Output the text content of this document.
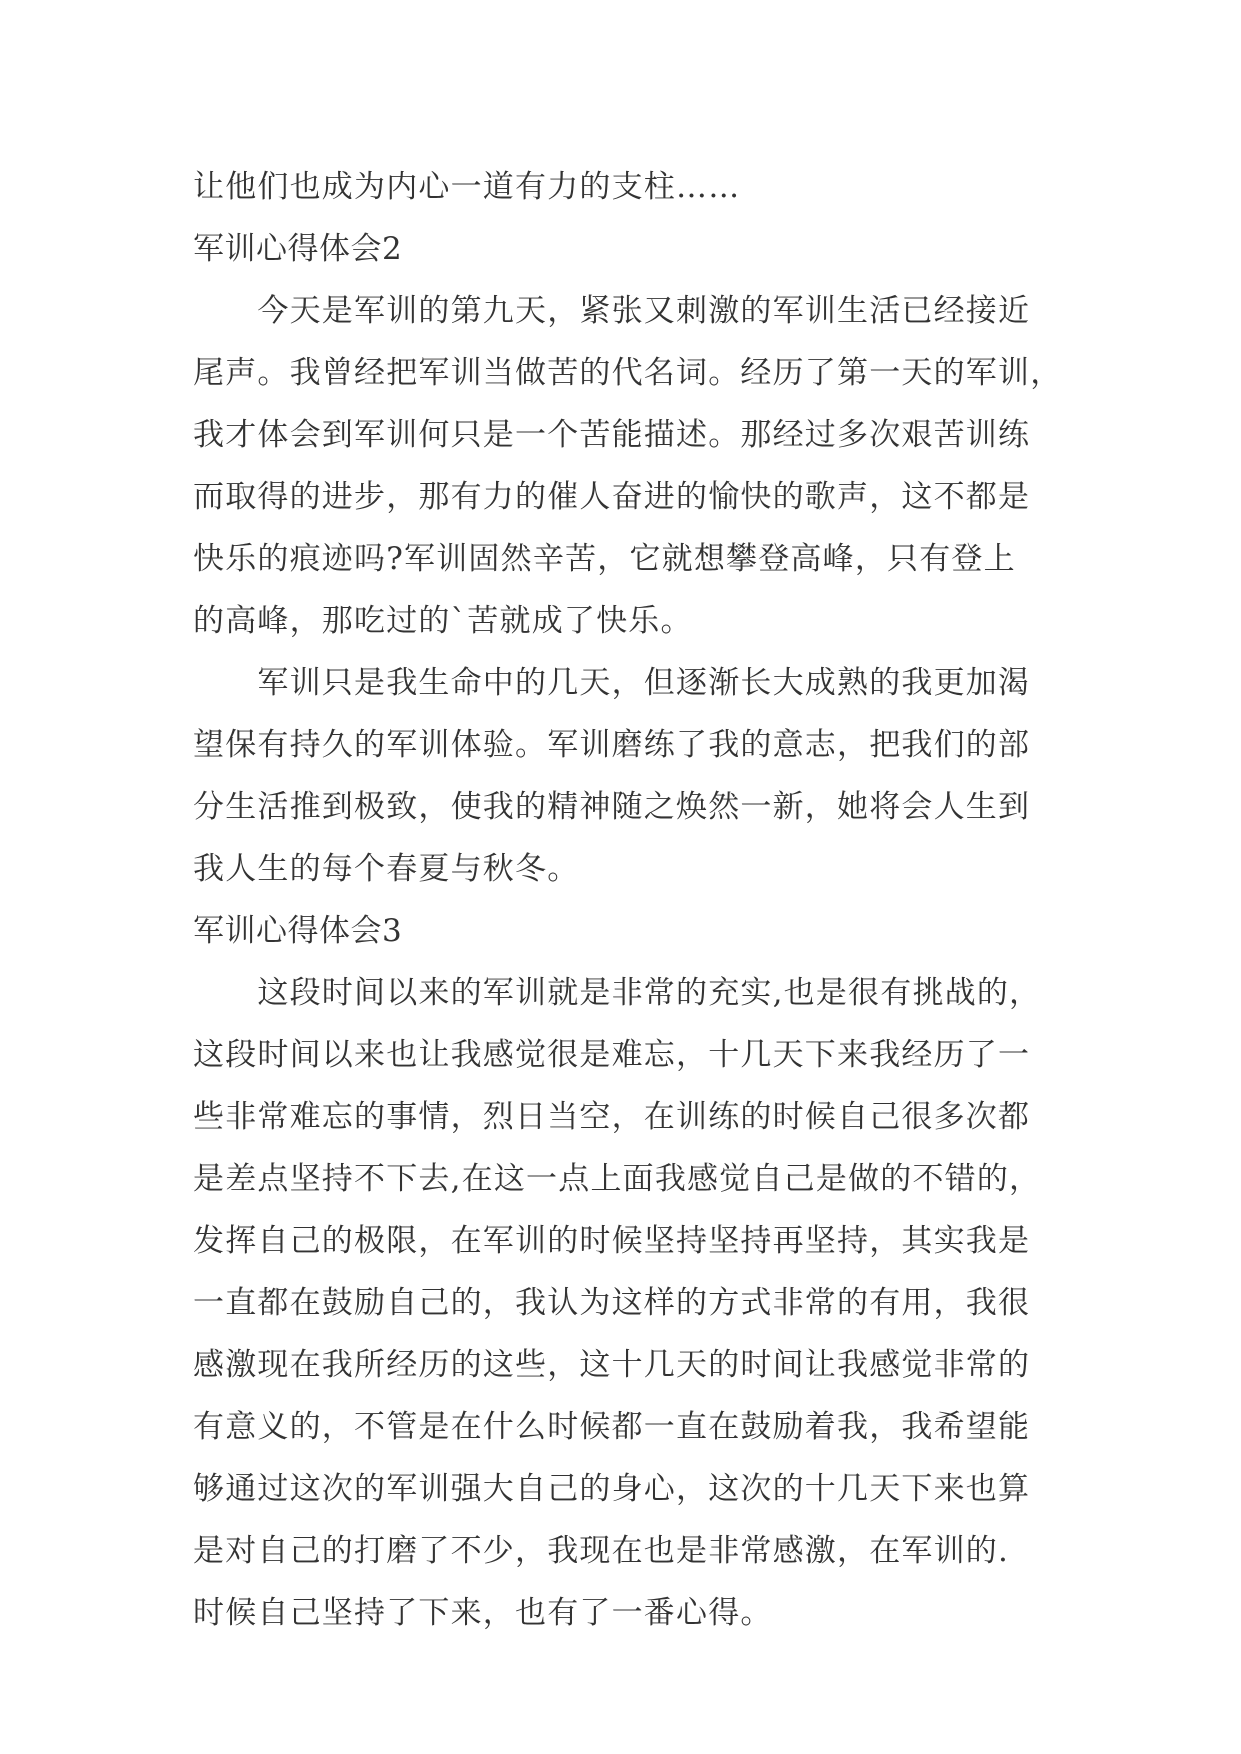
让他们也成为内心一道有力的支柱……
军训心得体会2
　　今天是军训的第九天，紧张又刺激的军训生活已经接近
尾声。我曾经把军训当做苦的代名词。经历了第一天的军训，
我才体会到军训何只是一个苦能描述。那经过多次艰苦训练
而取得的进步，那有力的催人奋进的愉快的歌声，这不都是
快乐的痕迹吗?军训固然辛苦，它就想攀登高峰，只有登上
的高峰，那吃过的`苦就成了快乐。
　　军训只是我生命中的几天，但逐渐长大成熟的我更加渴
望保有持久的军训体验。军训磨练了我的意志，把我们的部
分生活推到极致，使我的精神随之焕然一新，她将会人生到
我人生的每个春夏与秋冬。
军训心得体会3
　　这段时间以来的军训就是非常的充实,也是很有挑战的，
这段时间以来也让我感觉很是难忘，十几天下来我经历了一
些非常难忘的事情，烈日当空，在训练的时候自己很多次都
是差点坚持不下去,在这一点上面我感觉自己是做的不错的，
发挥自己的极限，在军训的时候坚持坚持再坚持，其实我是
一直都在鼓励自己的，我认为这样的方式非常的有用，我很
感激现在我所经历的这些，这十几天的时间让我感觉非常的
有意义的，不管是在什么时候都一直在鼓励着我，我希望能
够通过这次的军训强大自己的身心，这次的十几天下来也算
是对自己的打磨了不少，我现在也是非常感激，在军训的.
时候自己坚持了下来，也有了一番心得。
